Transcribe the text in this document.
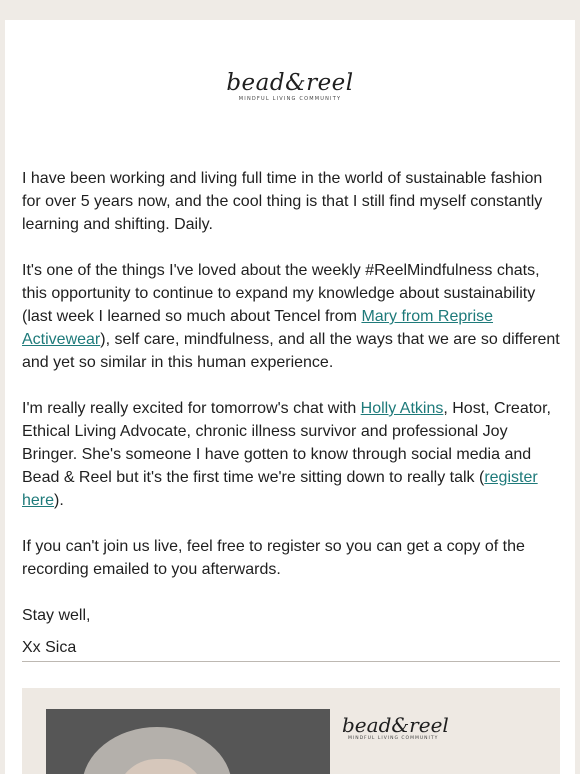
bead&reel
MINDFUL LIVING COMMUNITY

I have been working and living full time in the world of sustainable fashion for over 5 years now, and the cool thing is that I still find myself constantly learning and shifting. Daily.

It's one of the things I've loved about the weekly #ReelMindfulness chats, this opportunity to continue to expand my knowledge about sustainability (last week I learned so much about Tencel from Mary from Reprise Activewear), self care, mindfulness, and all the ways that we are so different and yet so similar in this human experience.

I'm really really excited for tomorrow's chat with Holly Atkins, Host, Creator, Ethical Living Advocate, chronic illness survivor and professional Joy Bringer. She's someone I have gotten to know through social media and Bead & Reel but it's the first time we're sitting down to really talk (register here).

If you can't join us live, feel free to register so you can get a copy of the recording emailed to you afterwards.

Stay well,

Xx Sica

bead&reel
MINDFUL LIVING COMMUNITY
